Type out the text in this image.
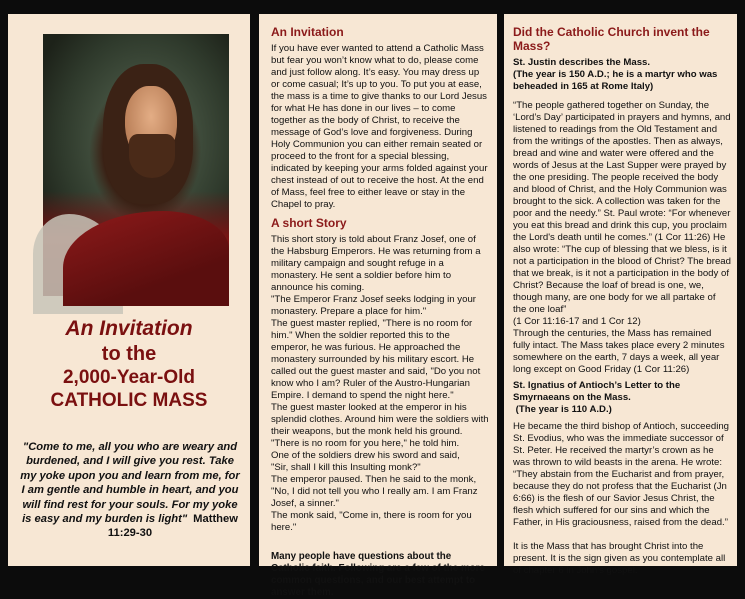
An Invitation
to the
2,000-Year-Old
CATHOLIC MASS
"Come to me, all you who are weary and burdened, and I will give you rest. Take my yoke upon you and learn from me, for I am gentle and humble in heart, and you will find rest for your souls. For my yoke is easy and my burden is light" Matthew 11:29-30
An Invitation

If you have ever wanted to attend a Catholic Mass but fear you won’t know what to do, please come and just follow along. It’s easy. You may dress up or come casual; It’s up to you. To put you at ease, the mass is a time to give thanks to our Lord Jesus for what He has done in our lives – to come together as the body of Christ, to receive the message of God’s love and forgiveness. During Holy Communion you can either remain seated or proceed to the front for a special blessing, indicated by keeping your arms folded against your chest instead of out to receive the host. At the end of Mass, feel free to either leave or stay in the Chapel to pray.

A short Story

This short story is told about Franz Josef, one of the Habsburg Emperors. He was returning from a military campaign and sought refuge in a monastery. He sent a soldier before him to announce his coming.
"The Emperor Franz Josef seeks lodging in your monastery. Prepare a place for him."
The guest master replied, "There is no room for him." When the soldier reported this to the emperor, he was furious. He approached the monastery surrounded by his military escort. He called out the guest master and said, "Do you not know who I am? Ruler of the Austro-Hungarian Empire. I demand to spend the night here."
The guest master looked at the emperor in his splendid clothes. Around him were the soldiers with their weapons, but the monk held his ground. "There is no room for you here," he told him.
One of the soldiers drew his sword and said,
"Sir, shall I kill this Insulting monk?"
The emperor paused. Then he said to the monk,
"No, I did not tell you who I really am. I am Franz Josef, a sinner."
The monk said, "Come in, there is room for you here."

Many people have questions about the Catholic faith. Following are a few of the more common questions, and our best attempt to answer them.

Did the Catholic Church invent the Mass?

St. Justin describes the Mass.

(The year is 150 A.D.; he is a martyr who was beheaded in 165 at Rome Italy)

“The people gathered together on Sunday, the ‘Lord’s Day’ participated in prayers and hymns, and listened to readings from the Old Testament and from the writings of the apostles. Then as always, bread and wine and water were offered and the words of Jesus at the Last Supper were prayed by the one presiding. The people received the body and blood of Christ, and the Holy Communion was brought to the sick. A collection was taken for the poor and the needy.” St. Paul wrote: “For whenever you eat this bread and drink this cup, you proclaim the Lord's death until he comes.” (1 Cor 11:26) He also wrote: “The cup of blessing that we bless, is it not a participation in the blood of Christ? The bread that we break, is it not a participation in the body of Christ? Because the loaf of bread is one, we, though many, are one body for we all partake of the one loaf”

(1 Cor 11:16-17 and 1 Cor 12)

Through the centuries, the Mass has remained fully intact. The Mass takes place every 2 minutes somewhere on the earth, 7 days a week, all year long except on Good Friday (1 Cor 11:26)

St. Ignatius of Antioch’s Letter to the Smyrnaeans on the Mass.

(The year is 110 A.D.)

He became the third bishop of Antioch, succeeding St. Evodius, who was the immediate successor of St. Peter. He received the martyr’s crown as he was thrown to wild beasts in the arena. He wrote:
“They abstain from the Eucharist and from prayer, because they do not profess that the Eucharist (Jn 6:66) is the flesh of our Savior Jesus Christ, the flesh which suffered for our sins and which the Father, in His graciousness, raised from the dead.”

It is the Mass that has brought Christ into the present. It is the sign given as you contemplate all of chapter 6 in John's gospel.
